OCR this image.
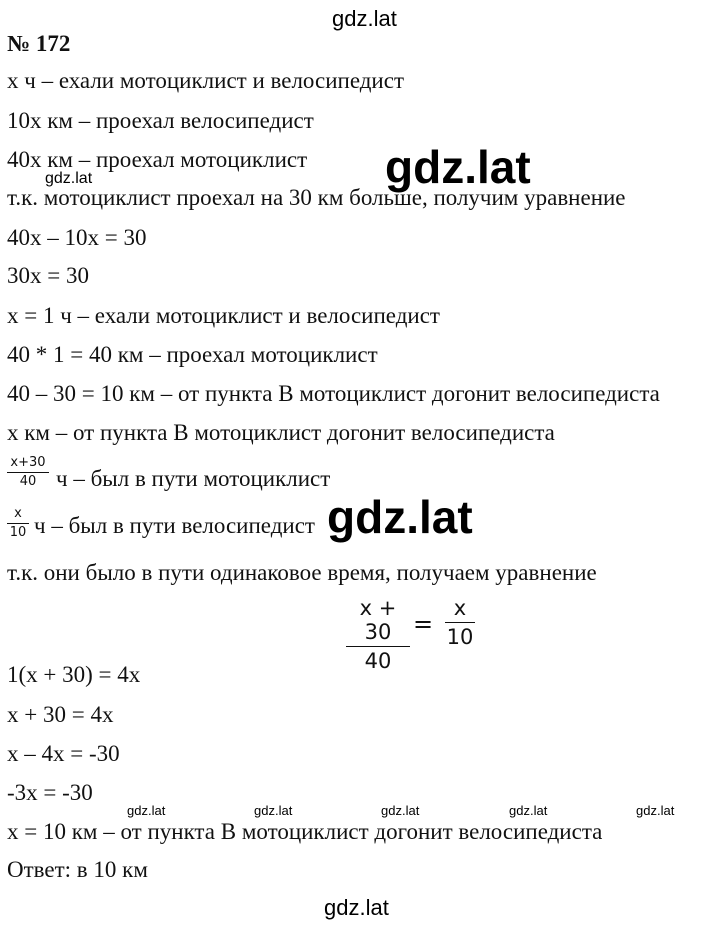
gdz.lat
gdz.lat
gdz.lat
gdz.lat
gdz.lat	gdz.lat	gdz.lat	gdz.lat	gdz.lat
gdz.lat
№ 172
х ч – ехали мотоциклист и велосипедист
10х км – проехал велосипедист
40х км – проехал мотоциклист
т.к. мотоциклист проехал на 30 км больше, получим уравнение
40х – 10х = 30
30х = 30
х = 1 ч – ехали мотоциклист и велосипедист
40 * 1 = 40 км – проехал мотоциклист
40 – 30 = 10 км – от пункта В мотоциклист догонит велосипедиста
х км – от пункта В мотоциклист догонит велосипедиста
x+30
40 ч – был в пути мотоциклист
x
10 ч – был в пути велосипедист
т.к. они было в пути одинаковое время, получаем уравнение
x + 30
40
=
x
10
1(х + 30) = 4х
х + 30 = 4х
х – 4х = -30
-3х = -30
х = 10 км – от пункта В мотоциклист догонит велосипедиста
Ответ: в 10 км
